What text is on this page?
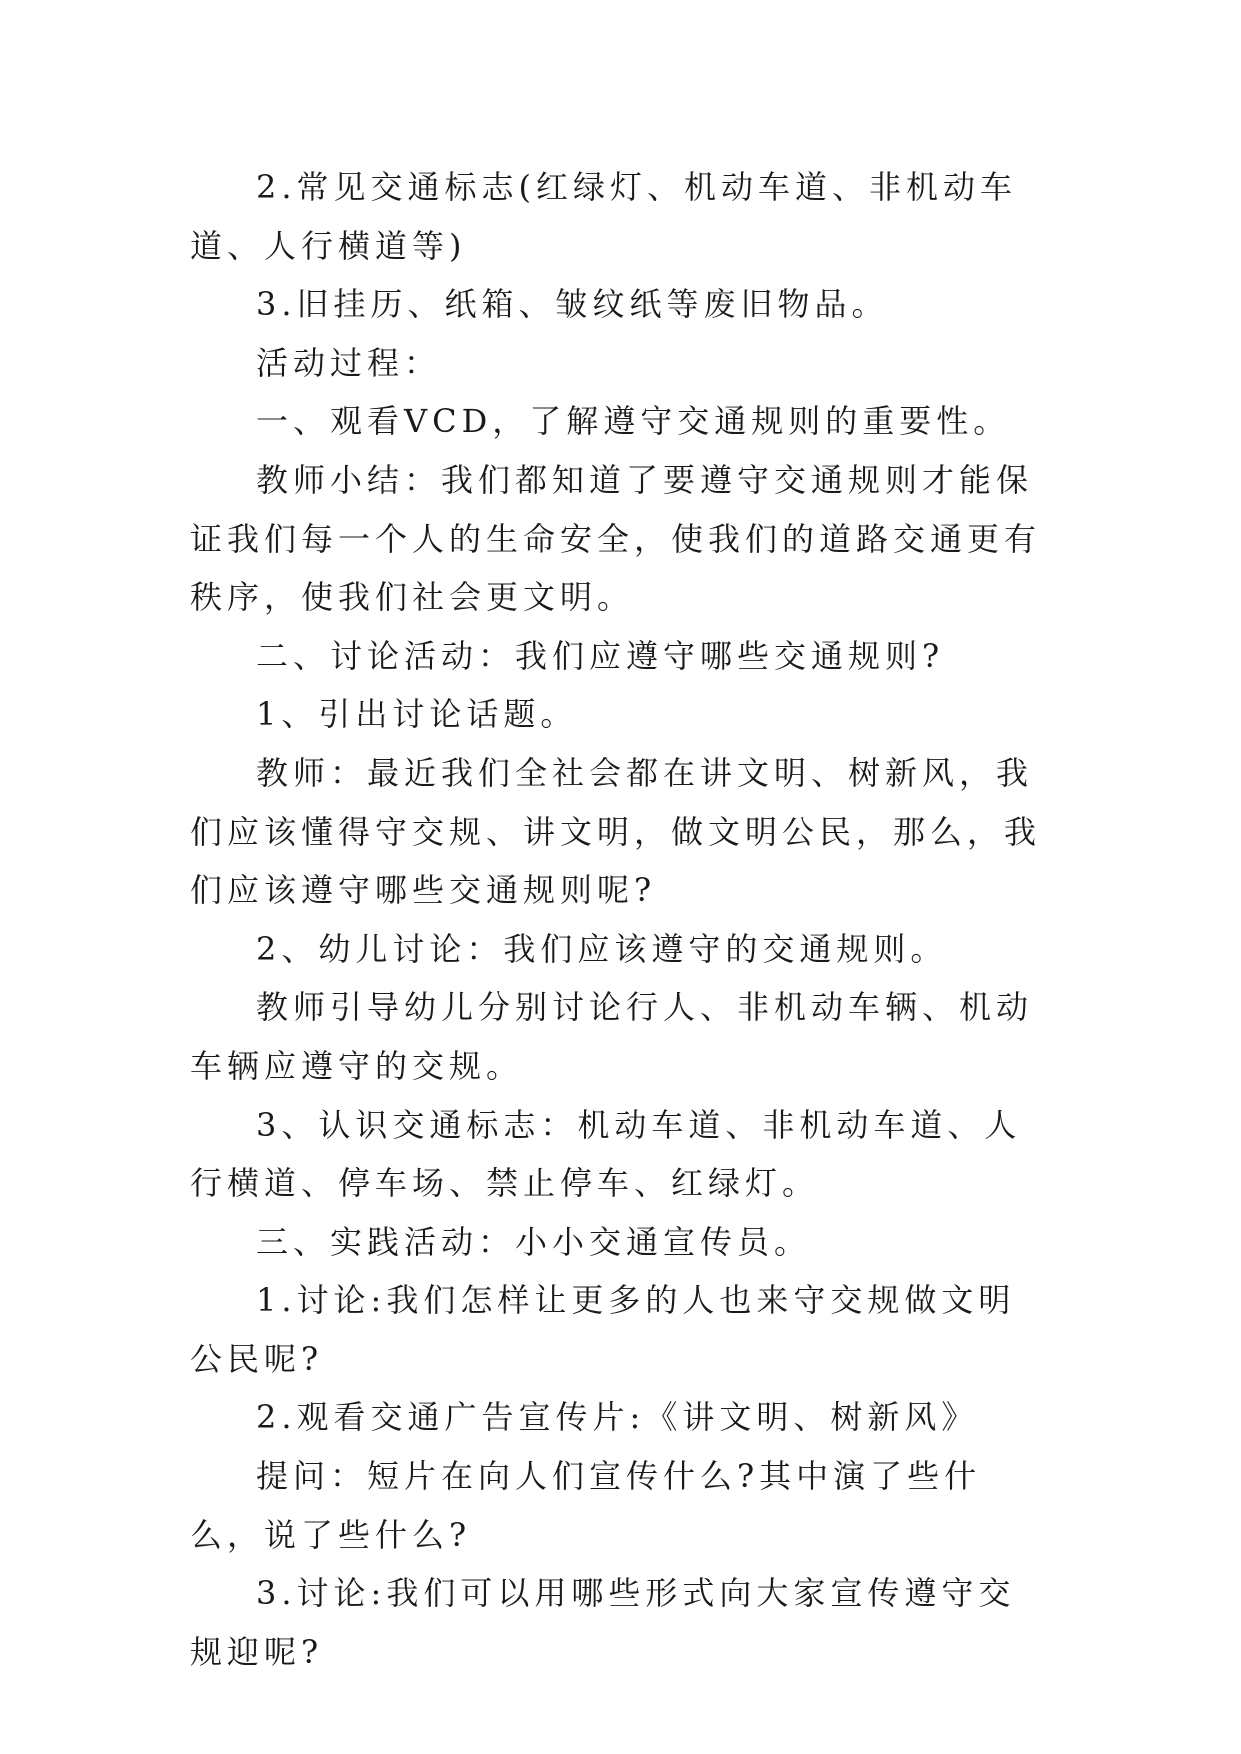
2.常见交通标志(红绿灯、机动车道、非机动车道、人行横道等)

3.旧挂历、纸箱、皱纹纸等废旧物品。

活动过程：

一、观看VCD，了解遵守交通规则的重要性。

教师小结：我们都知道了要遵守交通规则才能保证我们每一个人的生命安全，使我们的道路交通更有秩序，使我们社会更文明。

二、讨论活动：我们应遵守哪些交通规则?

1、引出讨论话题。

教师：最近我们全社会都在讲文明、树新风，我们应该懂得守交规、讲文明，做文明公民，那么，我们应该遵守哪些交通规则呢?

2、幼儿讨论：我们应该遵守的交通规则。

教师引导幼儿分别讨论行人、非机动车辆、机动车辆应遵守的交规。

3、认识交通标志：机动车道、非机动车道、人行横道、停车场、禁止停车、红绿灯。

三、实践活动：小小交通宣传员。

1.讨论:我们怎样让更多的人也来守交规做文明公民呢?

2.观看交通广告宣传片:《讲文明、树新风》

提问：短片在向人们宣传什么?其中演了些什么，说了些什么?

3.讨论:我们可以用哪些形式向大家宣传遵守交规迎呢?
